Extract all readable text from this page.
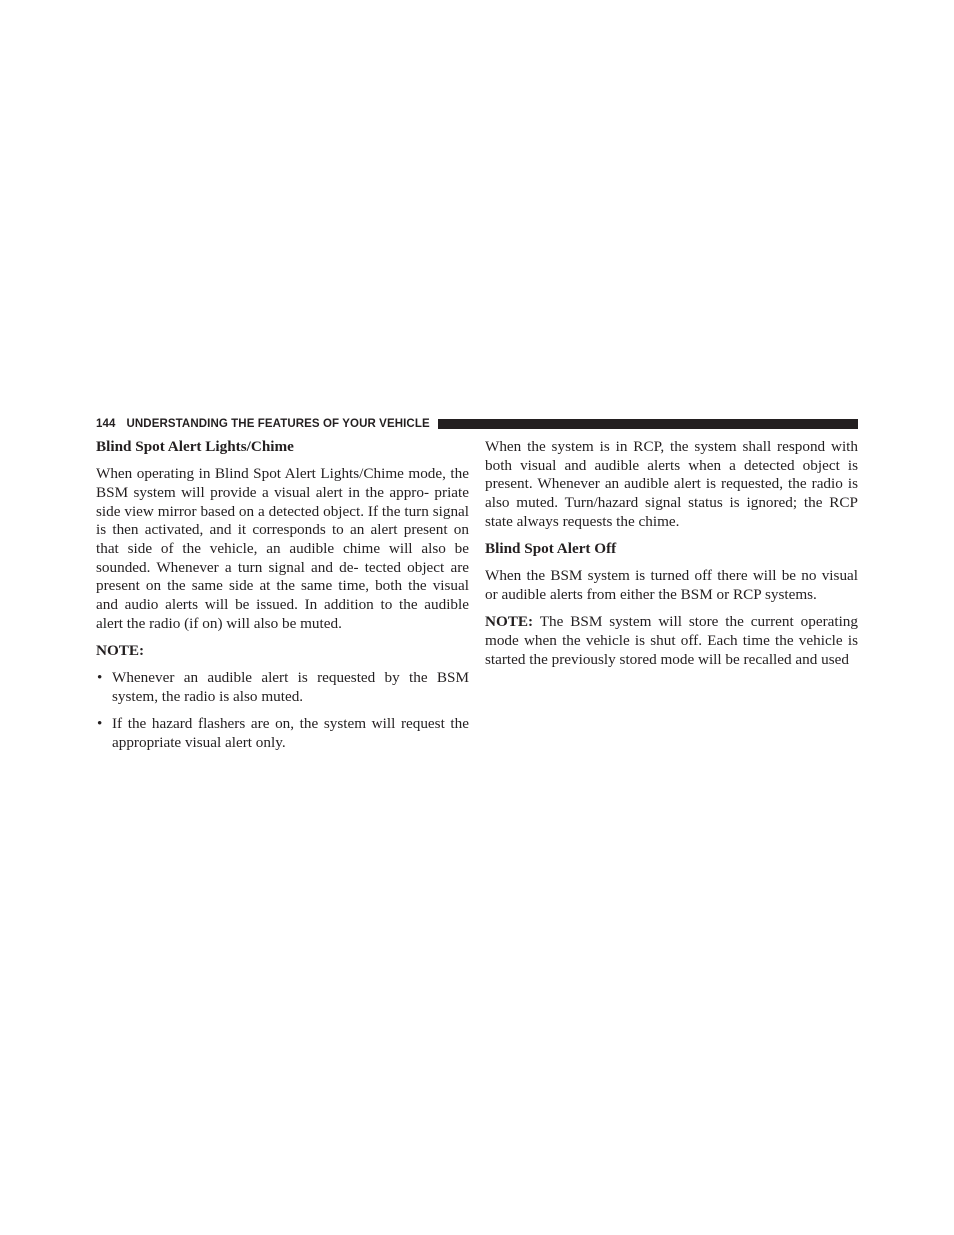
144 UNDERSTANDING THE FEATURES OF YOUR VEHICLE

Blind Spot Alert Lights/Chime

When operating in Blind Spot Alert Lights/Chime mode, the BSM system will provide a visual alert in the appro- priate side view mirror based on a detected object. If the turn signal is then activated, and it corresponds to an alert present on that side of the vehicle, an audible chime will also be sounded. Whenever a turn signal and de- tected object are present on the same side at the same time, both the visual and audio alerts will be issued. In addition to the audible alert the radio (if on) will also be muted.

NOTE:

• Whenever an audible alert is requested by the BSM system, the radio is also muted.
• If the hazard flashers are on, the system will request the appropriate visual alert only.

When the system is in RCP, the system shall respond with both visual and audible alerts when a detected object is present. Whenever an audible alert is requested, the radio is also muted. Turn/hazard signal status is ignored; the RCP state always requests the chime.

Blind Spot Alert Off

When the BSM system is turned off there will be no visual or audible alerts from either the BSM or RCP systems.

NOTE: The BSM system will store the current operating mode when the vehicle is shut off. Each time the vehicle is started the previously stored mode will be recalled and used
